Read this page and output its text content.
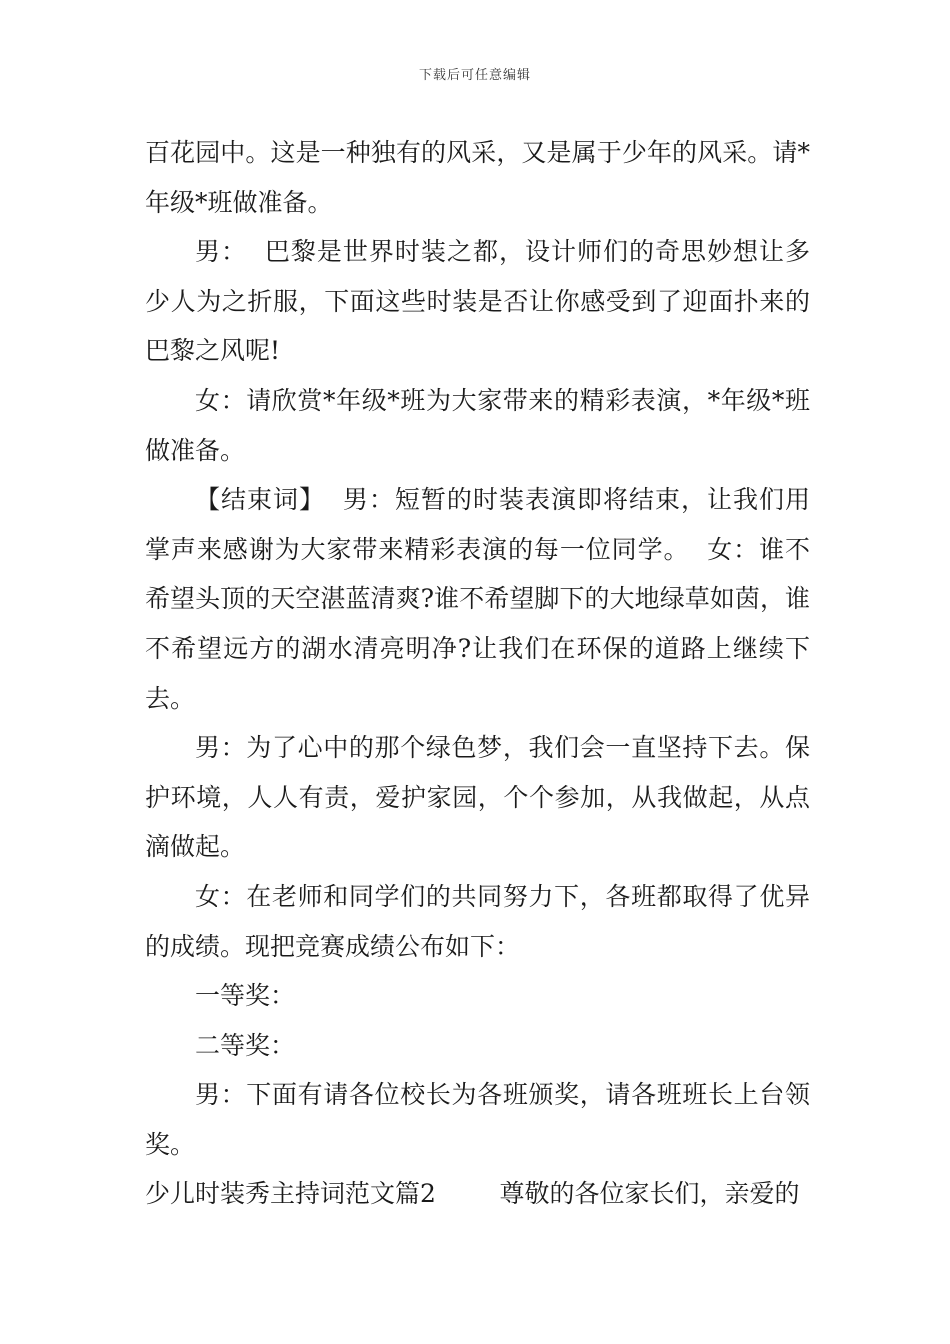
下载后可任意编辑

百花园中。这是一种独有的风采，又是属于少年的风采。请*年级*班做准备。

男：  巴黎是世界时装之都，设计师们的奇思妙想让多少人为之折服，下面这些时装是否让你感受到了迎面扑来的巴黎之风呢!

女：请欣赏*年级*班为大家带来的精彩表演，*年级*班做准备。

【结束词】  男：短暂的时装表演即将结束，让我们用掌声来感谢为大家带来精彩表演的每一位同学。  女：谁不希望头顶的天空湛蓝清爽?谁不希望脚下的大地绿草如茵，谁不希望远方的湖水清亮明净?让我们在环保的道路上继续下去。

男：为了心中的那个绿色梦，我们会一直坚持下去。保护环境，人人有责，爱护家园，个个参加，从我做起，从点滴做起。

女：在老师和同学们的共同努力下，各班都取得了优异的成绩。现把竞赛成绩公布如下：

一等奖：

二等奖：

男：下面有请各位校长为各班颁奖，请各班班长上台领奖。

少儿时装秀主持词范文篇2        尊敬的各位家长们，亲爱的
